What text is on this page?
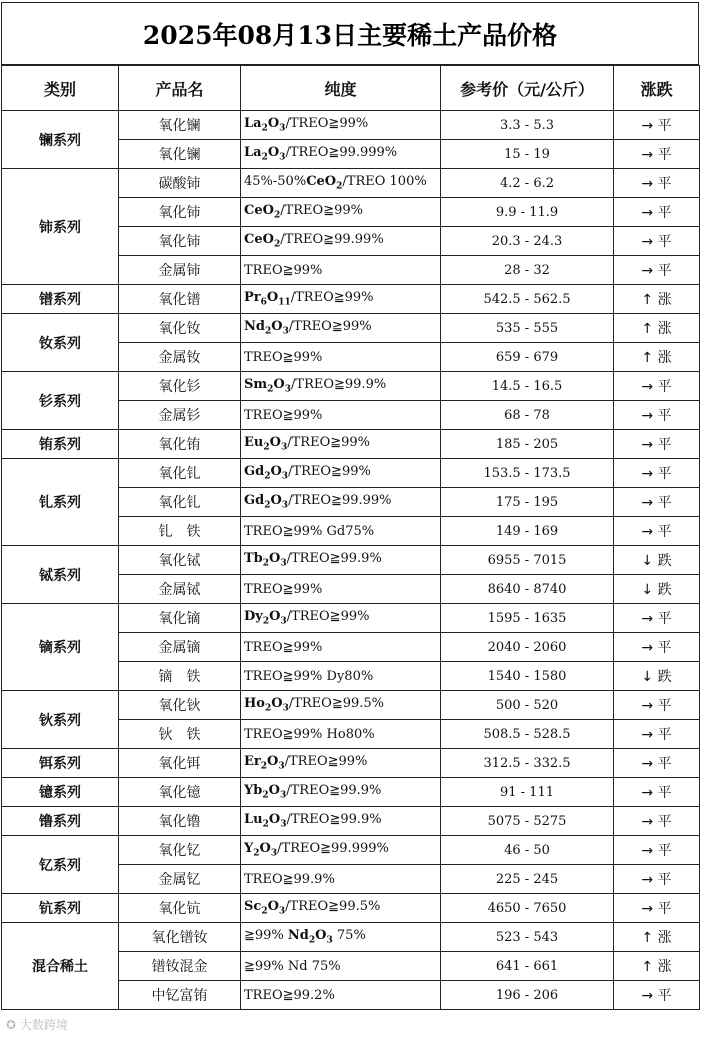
2025年08月13日主要稀土产品价格
类别	产品名	纯度	参考价（元/公斤）	涨跌
镧系列	氧化镧	$La_2O_3/TREO≧99\%$	3.3 - 5.3	→ 平
	氧化镧	$La_2O_3/TREO≧99.999\%$	15 - 19	→ 平
铈系列	碳酸铈	45%-50%CeO$_2$/TREO 100%	4.2 - 6.2	→ 平
	氧化铈	CeO$_2$/TREO≧99%	9.9 - 11.9	→ 平
	氧化铈	CeO$_2$/TREO≧99.99%	20.3 - 24.3	→ 平
	金属铈	TREO≧99%	28 - 32	→ 平
镨系列	氧化镨	$Pr_6O_{11}/TREO≧99\%$	542.5 - 562.5	↑ 涨
钕系列	氧化钕	$Nd_2O_3/TREO≧99\%$	535 - 555	↑ 涨
	金属钕	TREO≧99%	659 - 679	↑ 涨
钐系列	氧化钐	$Sm_2O_3/TREO≧99.9\%$	14.5 - 16.5	→ 平
	金属钐	TREO≧99%	68 - 78	→ 平
铕系列	氧化铕	$Eu_2O_3/TREO≧99\%$	185 - 205	→ 平
钆系列	氧化钆	$Gd_2O_3/TREO≧99\%$	153.5 - 173.5	→ 平
	氧化钆	$Gd_2O_3/TREO≧99.99\%$	175 - 195	→ 平
	钆　铁	TREO≧99% Gd75%	149 - 169	→ 平
铽系列	氧化铽	$Tb_2O_3/TREO≧99.9\%$	6955 - 7015	↓ 跌
	金属铽	TREO≧99%	8640 - 8740	↓ 跌
镝系列	氧化镝	$Dy_2O_3/TREO≧99\%$	1595 - 1635	→ 平
	金属镝	TREO≧99%	2040 - 2060	→ 平
	镝　铁	TREO≧99% Dy80%	1540 - 1580	↓ 跌
钬系列	氧化钬	$Ho_2O_3/TREO≧99.5\%$	500 - 520	→ 平
	钬　铁	TREO≧99% Ho80%	508.5 - 528.5	→ 平
铒系列	氧化铒	$Er_2O_3/TREO≧99\%$	312.5 - 332.5	→ 平
镱系列	氧化镱	$Yb_2O_3/TREO≧99.9\%$	91 - 111	→ 平
镥系列	氧化镥	$Lu_2O_3/TREO≧99.9\%$	5075 - 5275	→ 平
钇系列	氧化钇	$Y_2O_3/TREO≧99.999\%$	46 - 50	→ 平
	金属钇	TREO≧99.9%	225 - 245	→ 平
钪系列	氧化钪	$Sc_2O_3/TREO≧99.5\%$	4650 - 7650	→ 平
混合稀土	氧化镨钕	≧99% $Nd_2O_3$ 75%	523 - 543	↑ 涨
	镨钕混金	≧99% Nd 75%	641 - 661	↑ 涨
	中钇富铕	TREO≧99.2%	196 - 206	→ 平
✪ 大数跨境
